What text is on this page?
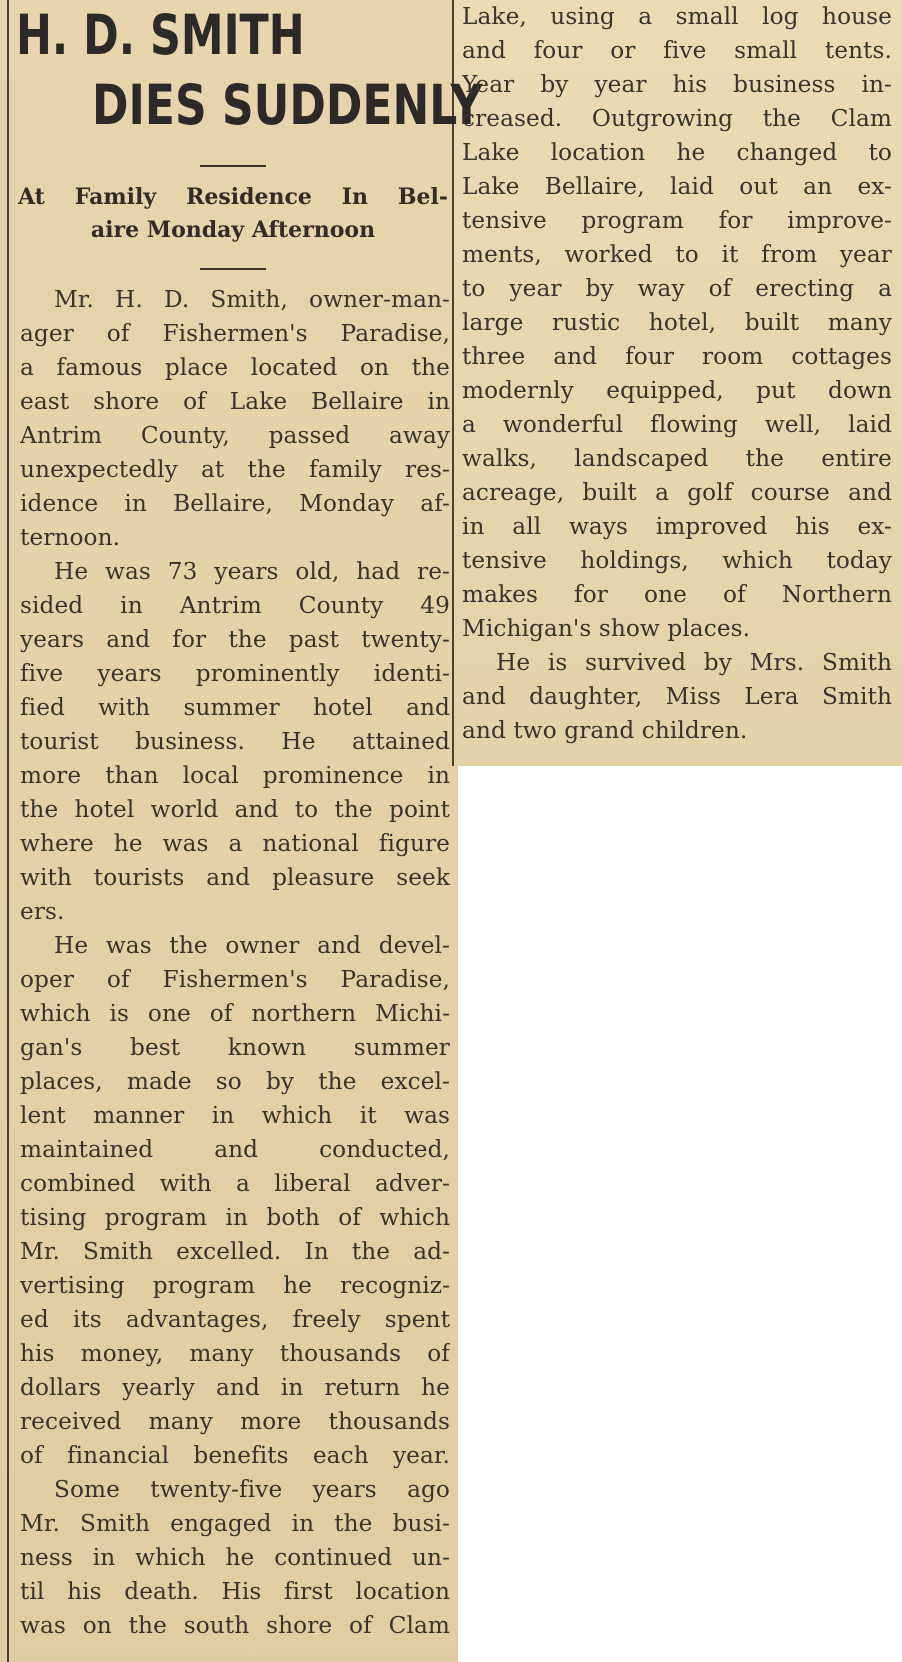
H. D. SMITH
DIES SUDDENLY
At Family Residence In Bel-
aire Monday Afternoon
Mr. H. D. Smith, owner-man-
ager of Fishermen's Paradise,
a famous place located on the
east shore of Lake Bellaire in
Antrim County, passed away
unexpectedly at the family res-
idence in Bellaire, Monday af-
ternoon.
He was 73 years old, had re-
sided in Antrim County 49
years and for the past twenty-
five years prominently identi-
fied with summer hotel and
tourist business. He attained
more than local prominence in
the hotel world and to the point
where he was a national figure
with tourists and pleasure seek
ers.
He was the owner and devel-
oper of Fishermen's Paradise,
which is one of northern Michi-
gan's best known summer
places, made so by the excel-
lent manner in which it was
maintained and conducted,
combined with a liberal adver-
tising program in both of which
Mr. Smith excelled. In the ad-
vertising program he recogniz-
ed its advantages, freely spent
his money, many thousands of
dollars yearly and in return he
received many more thousands
of financial benefits each year.
Some twenty-five years ago
Mr. Smith engaged in the busi-
ness in which he continued un-
til his death. His first location
was on the south shore of Clam
Lake, using a small log house
and four or five small tents.
Year by year his business in-
creased. Outgrowing the Clam
Lake location he changed to
Lake Bellaire, laid out an ex-
tensive program for improve-
ments, worked to it from year
to year by way of erecting a
large rustic hotel, built many
three and four room cottages
modernly equipped, put down
a wonderful flowing well, laid
walks, landscaped the entire
acreage, built a golf course and
in all ways improved his ex-
tensive holdings, which today
makes for one of Northern
Michigan's show places.
He is survived by Mrs. Smith
and daughter, Miss Lera Smith
and two grand children.
